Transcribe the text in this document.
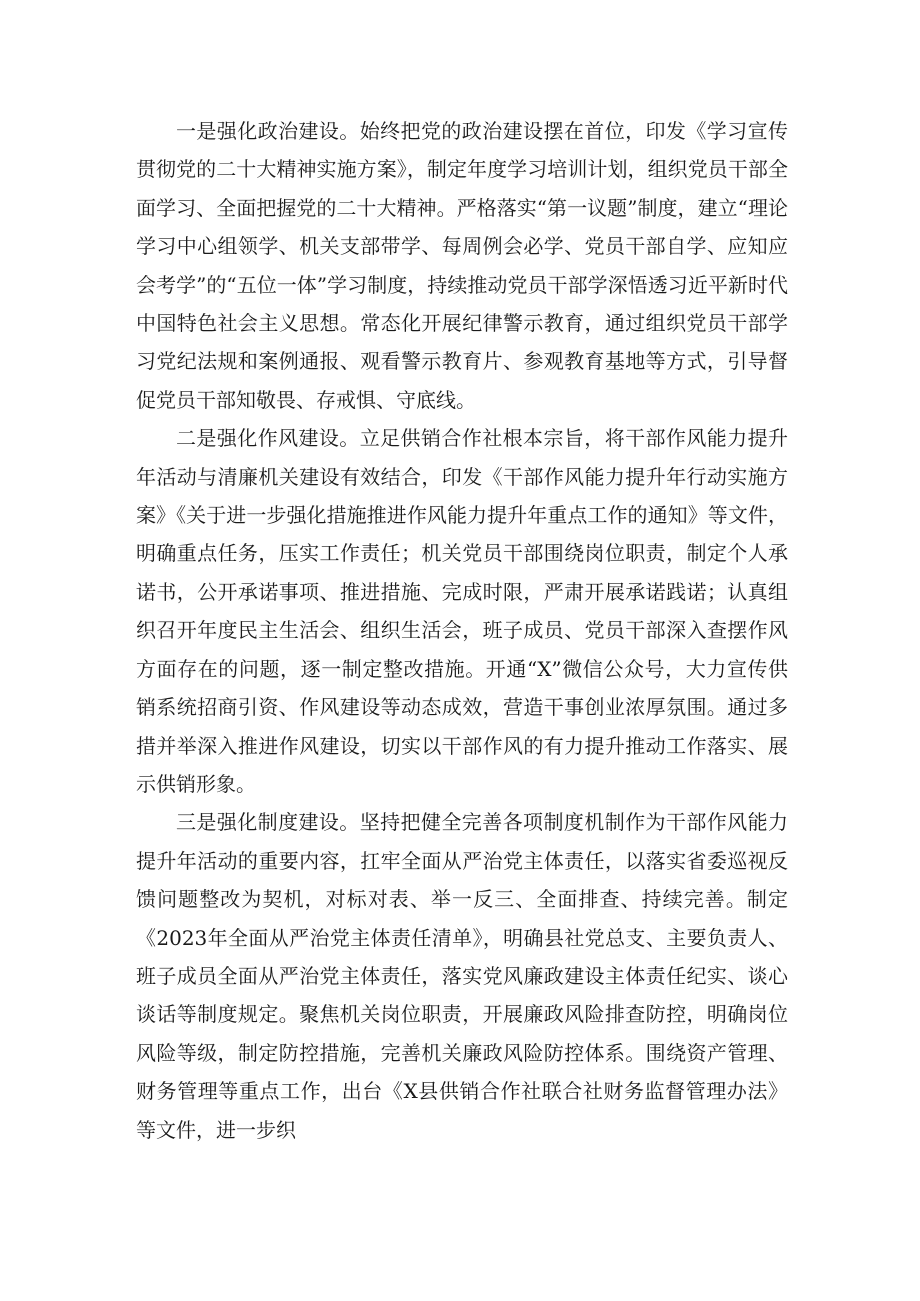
一是强化政治建设。始终把党的政治建设摆在首位，印发《学习宣传贯彻党的二十大精神实施方案》，制定年度学习培训计划，组织党员干部全面学习、全面把握党的二十大精神。严格落实“第一议题”制度，建立“理论学习中心组领学、机关支部带学、每周例会必学、党员干部自学、应知应会考学”的“五位一体”学习制度，持续推动党员干部学深悟透习近平新时代中国特色社会主义思想。常态化开展纪律警示教育，通过组织党员干部学习党纪法规和案例通报、观看警示教育片、参观教育基地等方式，引导督促党员干部知敬畏、存戒惧、守底线。

二是强化作风建设。立足供销合作社根本宗旨，将干部作风能力提升年活动与清廉机关建设有效结合，印发《干部作风能力提升年行动实施方案》《关于进一步强化措施推进作风能力提升年重点工作的通知》等文件，明确重点任务，压实工作责任；机关党员干部围绕岗位职责，制定个人承诺书，公开承诺事项、推进措施、完成时限，严肃开展承诺践诺；认真组织召开年度民主生活会、组织生活会，班子成员、党员干部深入查摆作风方面存在的问题，逐一制定整改措施。开通“X”微信公众号，大力宣传供销系统招商引资、作风建设等动态成效，营造干事创业浓厚氛围。通过多措并举深入推进作风建设，切实以干部作风的有力提升推动工作落实、展示供销形象。

三是强化制度建设。坚持把健全完善各项制度机制作为干部作风能力提升年活动的重要内容，扛牢全面从严治党主体责任，以落实省委巡视反馈问题整改为契机，对标对表、举一反三、全面排查、持续完善。制定《2023年全面从严治党主体责任清单》，明确县社党总支、主要负责人、班子成员全面从严治党主体责任，落实党风廉政建设主体责任纪实、谈心谈话等制度规定。聚焦机关岗位职责，开展廉政风险排查防控，明确岗位风险等级，制定防控措施，完善机关廉政风险防控体系。围绕资产管理、财务管理等重点工作，出台《X县供销合作社联合社财务监督管理办法》等文件，进一步织
